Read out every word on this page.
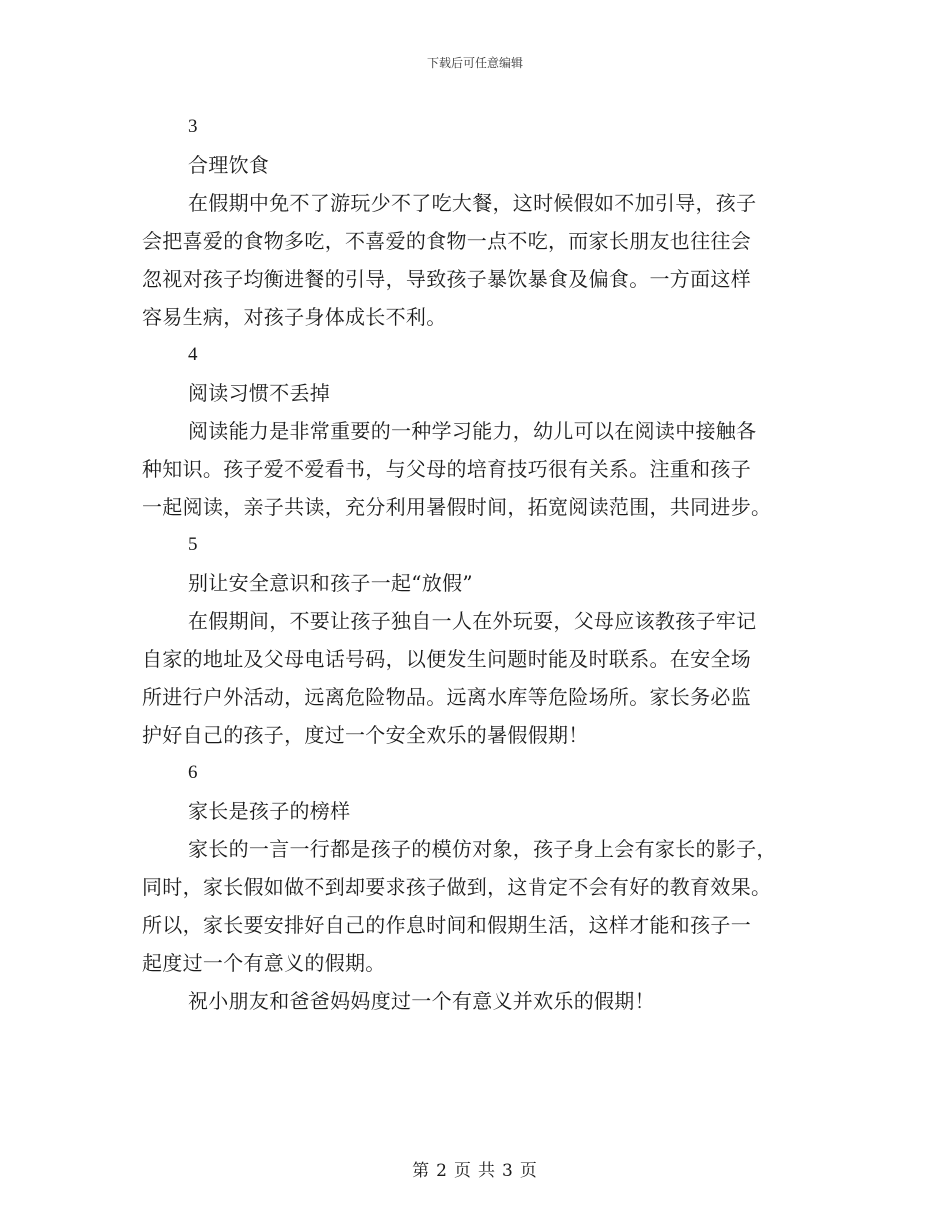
下载后可任意编辑
3
合理饮食
在假期中免不了游玩少不了吃大餐，这时候假如不加引导，孩子
会把喜爱的食物多吃，不喜爱的食物一点不吃，而家长朋友也往往会
忽视对孩子均衡进餐的引导，导致孩子暴饮暴食及偏食。一方面这样
容易生病，对孩子身体成长不利。
4
阅读习惯不丢掉
阅读能力是非常重要的一种学习能力，幼儿可以在阅读中接触各
种知识。孩子爱不爱看书，与父母的培育技巧很有关系。注重和孩子
一起阅读，亲子共读，充分利用暑假时间，拓宽阅读范围，共同进步。
5
别让安全意识和孩子一起“放假”
在假期间，不要让孩子独自一人在外玩耍，父母应该教孩子牢记
自家的地址及父母电话号码，以便发生问题时能及时联系。在安全场
所进行户外活动，远离危险物品。远离水库等危险场所。家长务必监
护好自己的孩子，度过一个安全欢乐的暑假假期！
6
家长是孩子的榜样
家长的一言一行都是孩子的模仿对象，孩子身上会有家长的影子，
同时，家长假如做不到却要求孩子做到，这肯定不会有好的教育效果。
所以，家长要安排好自己的作息时间和假期生活，这样才能和孩子一
起度过一个有意义的假期。
祝小朋友和爸爸妈妈度过一个有意义并欢乐的假期！
第 2 页 共 3 页
